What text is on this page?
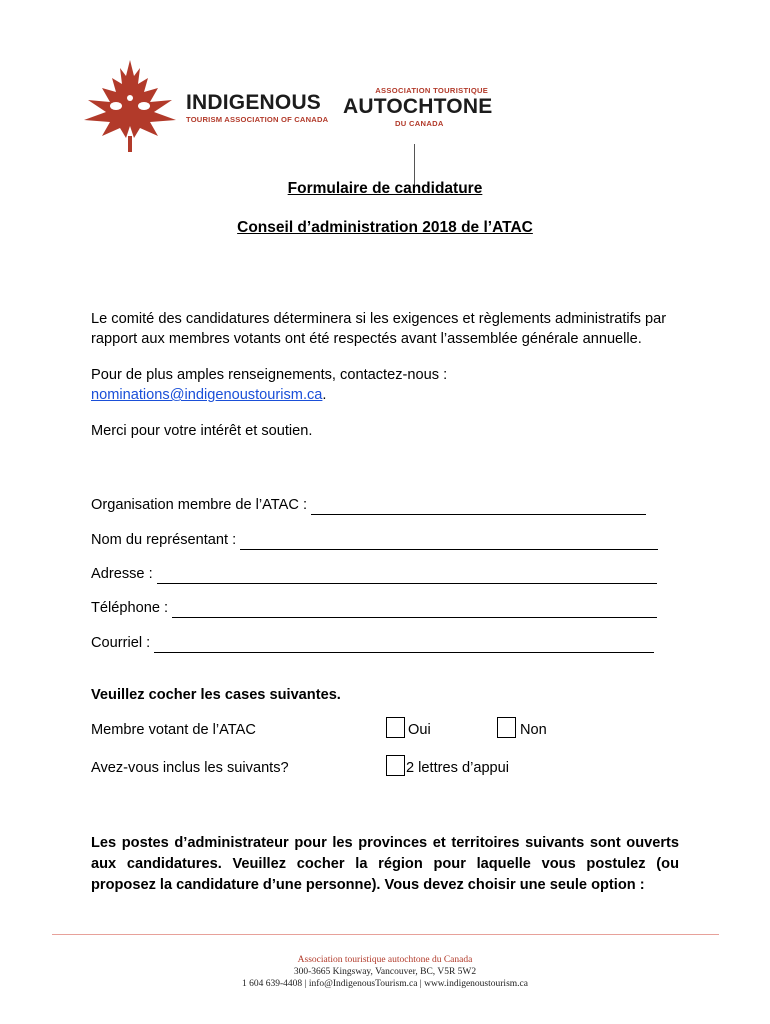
INDIGENOUS
TOURISM ASSOCIATION OF CANADA
ASSOCIATION TOURISTIQUE
AUTOCHTONE
DU CANADA
Formulaire de candidature
Conseil d’administration 2018 de l’ATAC
Le comité des candidatures déterminera si les exigences et règlements administratifs par rapport aux membres votants ont été respectés avant l’assemblée générale annuelle.
Pour de plus amples renseignements, contactez-nous :
nominations@indigenoustourism.ca.
Merci pour votre intérêt et soutien.
Organisation membre de l’ATAC :
Nom du représentant :
Adresse :
Téléphone :
Courriel :
Veuillez cocher les cases suivantes.
Membre votant de l’ATAC	Oui	Non
Avez-vous inclus les suivants?	2 lettres d’appui
Les postes d’administrateur pour les provinces et territoires suivants sont ouverts aux candidatures. Veuillez cocher la région pour laquelle vous postulez (ou proposez la candidature d’une personne). Vous devez choisir une seule option :
Association touristique autochtone du Canada
300-3665 Kingsway, Vancouver, BC, V5R 5W2
1 604 639-4408 | info@IndigenousTourism.ca | www.indigenoustourism.ca
